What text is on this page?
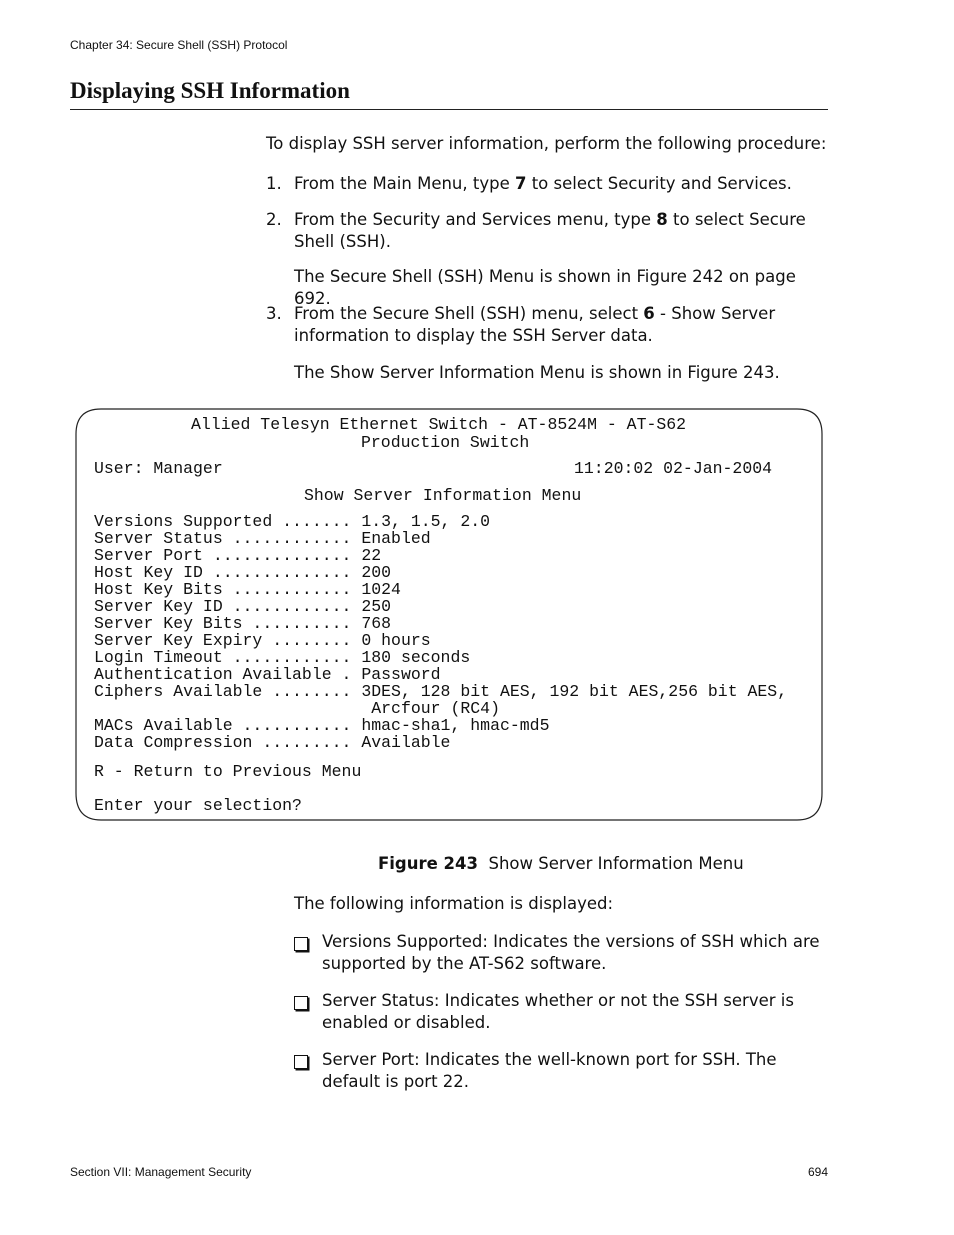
Chapter 34: Secure Shell (SSH) Protocol
Displaying SSH Information
To display SSH server information, perform the following procedure:
1. From the Main Menu, type 7 to select Security and Services.
2. From the Security and Services menu, type 8 to select Secure Shell (SSH).
The Secure Shell (SSH) Menu is shown in Figure 242 on page 692.
3. From the Secure Shell (SSH) menu, select 6 - Show Server information to display the SSH Server data.
The Show Server Information Menu is shown in Figure 243.
Allied Telesyn Ethernet Switch - AT-8524M - AT-S62
Production Switch
User: Manager	11:20:02 02-Jan-2004
Show Server Information Menu
Versions Supported ....... 1.3, 1.5, 2.0
Server Status ............ Enabled
Server Port .............. 22
Host Key ID .............. 200
Host Key Bits ............ 1024
Server Key ID ............ 250
Server Key Bits .......... 768
Server Key Expiry ........ 0 hours
Login Timeout ............ 180 seconds
Authentication Available . Password
Ciphers Available ........ 3DES, 128 bit AES, 192 bit AES,256 bit AES,
Arcfour (RC4)
MACs Available ........... hmac-sha1, hmac-md5
Data Compression ......... Available
R - Return to Previous Menu
Enter your selection?
Figure 243 Show Server Information Menu
The following information is displayed:
Versions Supported: Indicates the versions of SSH which are supported by the AT-S62 software.
Server Status: Indicates whether or not the SSH server is enabled or disabled.
Server Port: Indicates the well-known port for SSH. The default is port 22.
Section VII: Management Security	694
